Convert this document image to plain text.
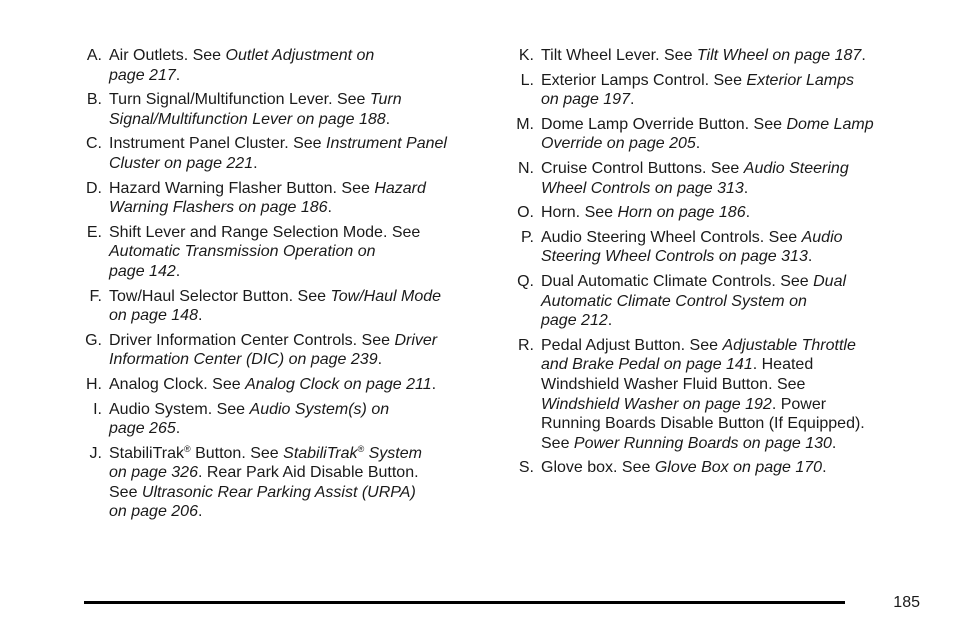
A. Air Outlets. See Outlet Adjustment on
page 217.
B. Turn Signal/Multifunction Lever. See Turn
Signal/Multifunction Lever on page 188.
C. Instrument Panel Cluster. See Instrument Panel
Cluster on page 221.
D. Hazard Warning Flasher Button. See Hazard
Warning Flashers on page 186.
E. Shift Lever and Range Selection Mode. See
Automatic Transmission Operation on
page 142.
F. Tow/Haul Selector Button. See Tow/Haul Mode
on page 148.
G. Driver Information Center Controls. See Driver
Information Center (DIC) on page 239.
H. Analog Clock. See Analog Clock on page 211.
I. Audio System. See Audio System(s) on
page 265.
J. StabiliTrak® Button. See StabiliTrak® System
on page 326. Rear Park Aid Disable Button.
See Ultrasonic Rear Parking Assist (URPA)
on page 206.
K. Tilt Wheel Lever. See Tilt Wheel on page 187.
L. Exterior Lamps Control. See Exterior Lamps
on page 197.
M. Dome Lamp Override Button. See Dome Lamp
Override on page 205.
N. Cruise Control Buttons. See Audio Steering
Wheel Controls on page 313.
O. Horn. See Horn on page 186.
P. Audio Steering Wheel Controls. See Audio
Steering Wheel Controls on page 313.
Q. Dual Automatic Climate Controls. See Dual
Automatic Climate Control System on
page 212.
R. Pedal Adjust Button. See Adjustable Throttle
and Brake Pedal on page 141. Heated
Windshield Washer Fluid Button. See
Windshield Washer on page 192. Power
Running Boards Disable Button (If Equipped).
See Power Running Boards on page 130.
S. Glove box. See Glove Box on page 170.
185
